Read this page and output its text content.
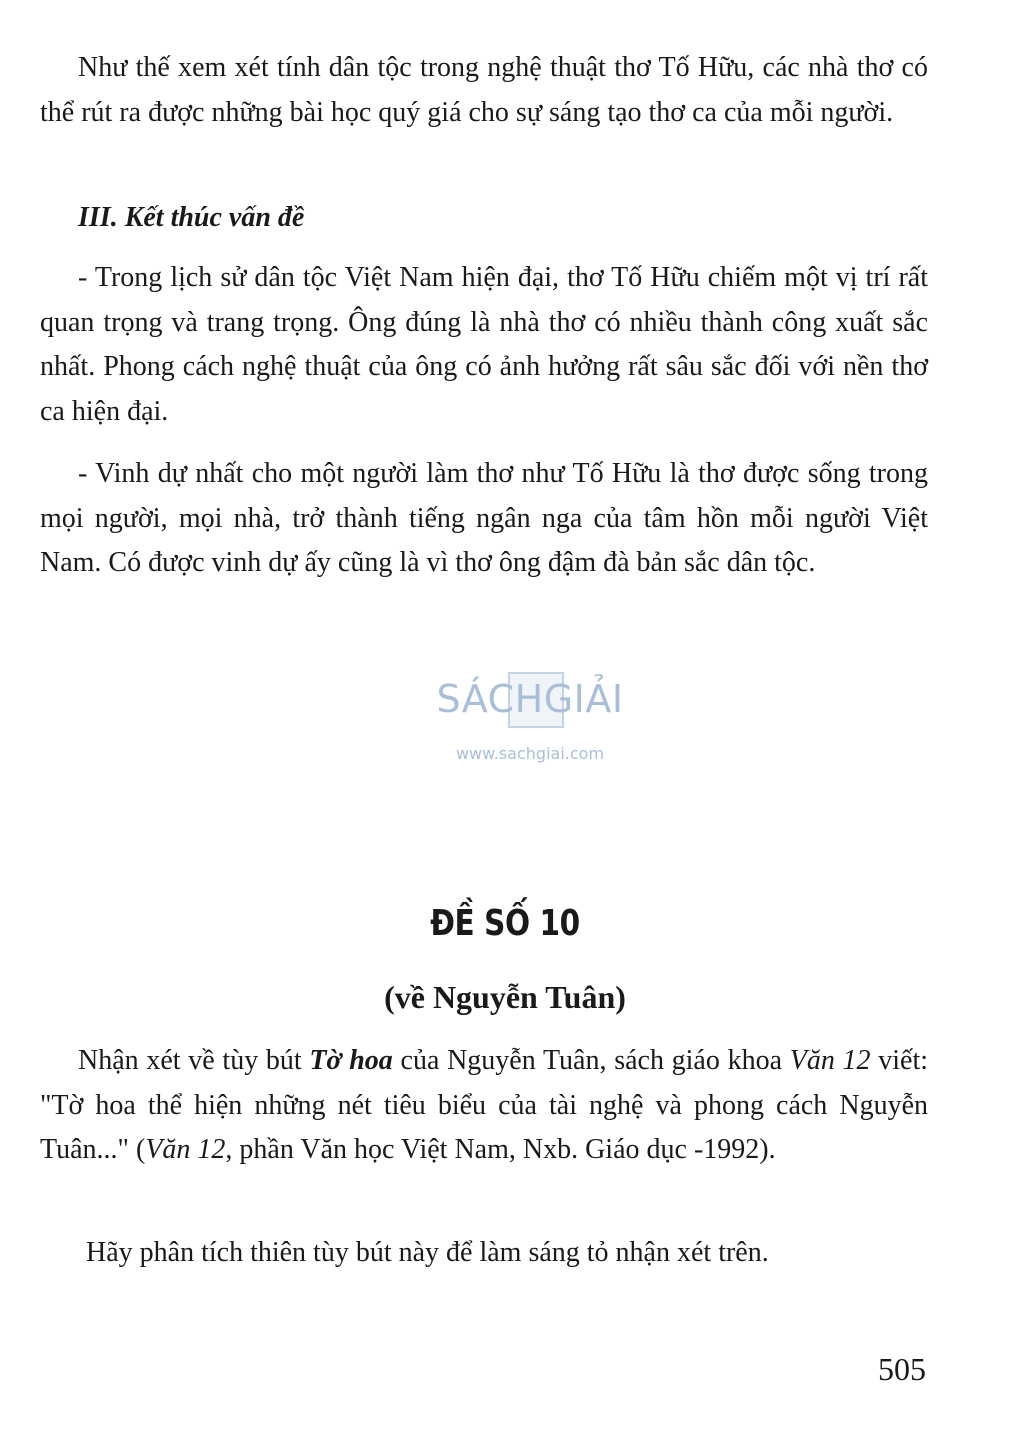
Như thế xem xét tính dân tộc trong nghệ thuật thơ Tố Hữu, các nhà thơ có thể rút ra được những bài học quý giá cho sự sáng tạo thơ ca của mỗi người.

III. Kết thúc vấn đề

- Trong lịch sử dân tộc Việt Nam hiện đại, thơ Tố Hữu chiếm một vị trí rất quan trọng và trang trọng. Ông đúng là nhà thơ có nhiều thành công xuất sắc nhất. Phong cách nghệ thuật của ông có ảnh hưởng rất sâu sắc đối với nền thơ ca hiện đại.

- Vinh dự nhất cho một người làm thơ như Tố Hữu là thơ được sống trong mọi người, mọi nhà, trở thành tiếng ngân nga của tâm hồn mỗi người Việt Nam. Có được vinh dự ấy cũng là vì thơ ông đậm đà bản sắc dân tộc.

SÁCHGIẢI
www.sachgiai.com
ĐỀ SỐ 10
(về Nguyễn Tuân)

Nhận xét về tùy bút Tờ hoa của Nguyễn Tuân, sách giáo khoa Văn 12 viết: "Tờ hoa thể hiện những nét tiêu biểu của tài nghệ và phong cách Nguyễn Tuân..." (Văn 12, phần Văn học Việt Nam, Nxb. Giáo dục -1992).

Hãy phân tích thiên tùy bút này để làm sáng tỏ nhận xét trên.

505
